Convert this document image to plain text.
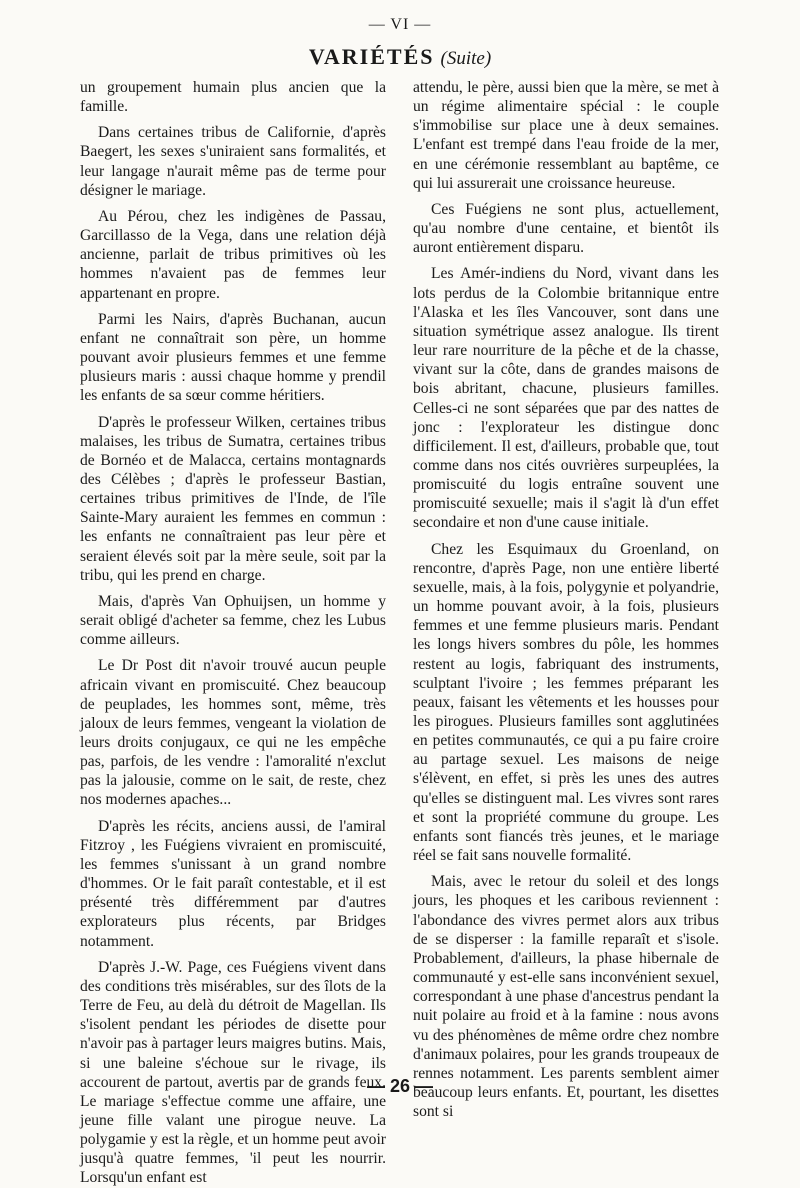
— VI —
VARIÉTÉS (Suite)

un groupement humain plus ancien que la famille.

Dans certaines tribus de Californie, d'après Baegert, les sexes s'uniraient sans formalités, et leur langage n'aurait même pas de terme pour désigner le mariage.

Au Pérou, chez les indigènes de Passau, Garcillasso de la Vega, dans une relation déjà ancienne, parlait de tribus primitives où les hommes n'avaient pas de femmes leur appartenant en propre.

Parmi les Nairs, d'après Buchanan, aucun enfant ne connaîtrait son père, un homme pouvant avoir plusieurs femmes et une femme plusieurs maris : aussi chaque homme y prendil les enfants de sa sœur comme héritiers.

D'après le professeur Wilken, certaines tribus malaises, les tribus de Sumatra, certaines tribus de Bornéo et de Malacca, certains montagnards des Célèbes ; d'après le professeur Bastian, certaines tribus primitives de l'Inde, de l'île Sainte-Mary auraient les femmes en commun : les enfants ne connaîtraient pas leur père et seraient élevés soit par la mère seule, soit par la tribu, qui les prend en charge.

Mais, d'après Van Ophuijsen, un homme y serait obligé d'acheter sa femme, chez les Lubus comme ailleurs.

Le Dr Post dit n'avoir trouvé aucun peuple africain vivant en promiscuité. Chez beaucoup de peuplades, les hommes sont, même, très jaloux de leurs femmes, vengeant la violation de leurs droits conjugaux, ce qui ne les empêche pas, parfois, de les vendre : l'amoralité n'exclut pas la jalousie, comme on le sait, de reste, chez nos modernes apaches...

D'après les récits, anciens aussi, de l'amiral Fitzroy , les Fuégiens vivraient en promiscuité, les femmes s'unissant à un grand nombre d'hommes. Or le fait paraît contestable, et il est présenté très différemment par d'autres explorateurs plus récents, par Bridges notamment.

D'après J.-W. Page, ces Fuégiens vivent dans des conditions très misérables, sur des îlots de la Terre de Feu, au delà du détroit de Magellan. Ils s'isolent pendant les périodes de disette pour n'avoir pas à partager leurs maigres butins. Mais, si une baleine s'échoue sur le rivage, ils accourent de partout, avertis par de grands feux. Le mariage s'effectue comme une affaire, une jeune fille valant une pirogue neuve. La polygamie y est la règle, et un homme peut avoir jusqu'à quatre femmes, 'il peut les nourrir. Lorsqu'un enfant est

attendu, le père, aussi bien que la mère, se met à un régime alimentaire spécial : le couple s'immobilise sur place une à deux semaines. L'enfant est trempé dans l'eau froide de la mer, en une cérémonie ressemblant au baptême, ce qui lui assurerait une croissance heureuse.

Ces Fuégiens ne sont plus, actuellement, qu'au nombre d'une centaine, et bientôt ils auront entièrement disparu.

Les Amér-indiens du Nord, vivant dans les lots perdus de la Colombie britannique entre l'Alaska et les îles Vancouver, sont dans une situation symétrique assez analogue. Ils tirent leur rare nourriture de la pêche et de la chasse, vivant sur la côte, dans de grandes maisons de bois abritant, chacune, plusieurs familles. Celles-ci ne sont séparées que par des nattes de jonc : l'explorateur les distingue donc difficilement. Il est, d'ailleurs, probable que, tout comme dans nos cités ouvrières surpeuplées, la promiscuité du logis entraîne souvent une promiscuité sexuelle; mais il s'agit là d'un effet secondaire et non d'une cause initiale.

Chez les Esquimaux du Groenland, on rencontre, d'après Page, non une entière liberté sexuelle, mais, à la fois, polygynie et polyandrie, un homme pouvant avoir, à la fois, plusieurs femmes et une femme plusieurs maris. Pendant les longs hivers sombres du pôle, les hommes restent au logis, fabriquant des instruments, sculptant l'ivoire ; les femmes préparant les peaux, faisant les vêtements et les housses pour les pirogues. Plusieurs familles sont agglutinées en petites communautés, ce qui a pu faire croire au partage sexuel. Les maisons de neige s'élèvent, en effet, si près les unes des autres qu'elles se distinguent mal. Les vivres sont rares et sont la propriété commune du groupe. Les enfants sont fiancés très jeunes, et le mariage réel se fait sans nouvelle formalité.

Mais, avec le retour du soleil et des longs jours, les phoques et les caribous reviennent : l'abondance des vivres permet alors aux tribus de se disperser : la famille reparaît et s'isole. Probablement, d'ailleurs, la phase hibernale de communauté y est-elle sans inconvénient sexuel, correspondant à une phase d'ancestrus pendant la nuit polaire au froid et à la famine : nous avons vu des phénomènes de même ordre chez nombre d'animaux polaires, pour les grands troupeaux de rennes notamment. Les parents semblent aimer beaucoup leurs enfants. Et, pourtant, les disettes sont si

— 26 —
